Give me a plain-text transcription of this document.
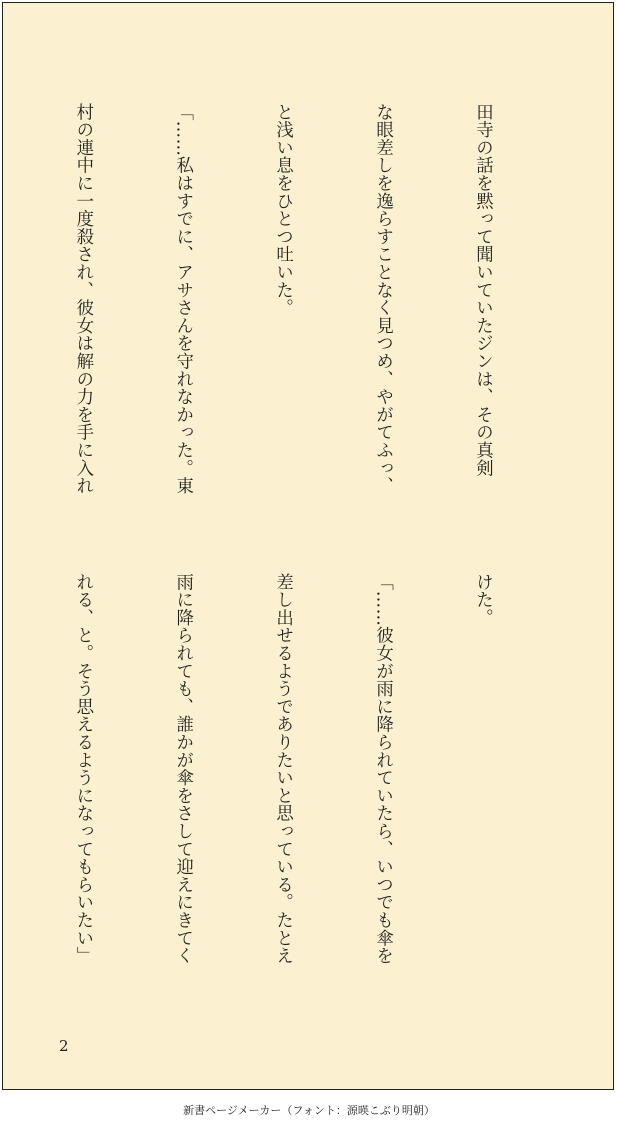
田寺の話を黙って聞いていたジンは、その真剣

な眼差しを逸らすことなく見つめ、やがてふっ、

と浅い息をひとつ吐いた。

「……私はすでに、アサさんを守れなかった。東

村の連中に一度殺され、彼女は解の力を手に入れ

けた。

「……彼女が雨に降られていたら、いつでも傘を

差し出せるようでありたいと思っている。たとえ

雨に降られても、誰かが傘をさして迎えにきてく

れる、と。そう思えるようになってもらいたい」

2
新書ページメーカー（フォント：源暎こぶり明朝）
